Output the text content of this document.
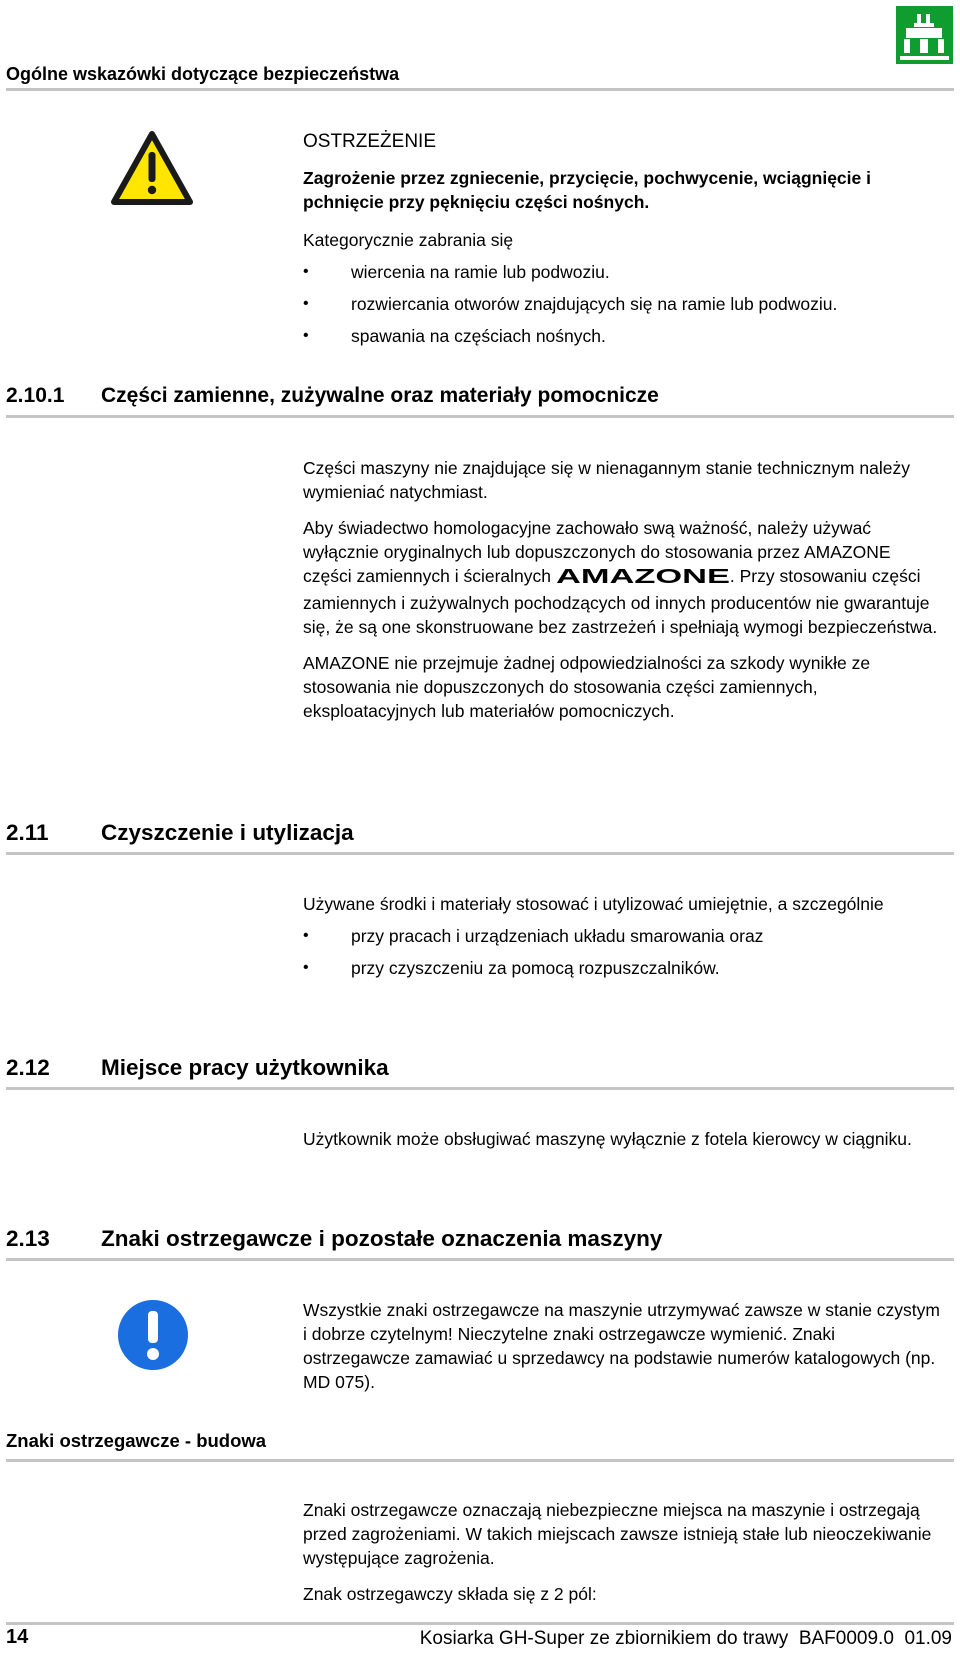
Ogólne wskazówki dotyczące bezpieczeństwa

OSTRZEŻENIE

Zagrożenie przez zgniecenie, przycięcie, pochwycenie, wciągnięcie i pchnięcie przy pęknięciu części nośnych.

Kategorycznie zabrania się

• wiercenia na ramie lub podwoziu.
• rozwiercania otworów znajdujących się na ramie lub podwoziu.
• spawania na częściach nośnych.
2.10.1 Części zamienne, zużywalne oraz materiały pomocnicze

Części maszyny nie znajdujące się w nienagannym stanie technicznym należy wymieniać natychmiast.

Aby świadectwo homologacyjne zachowało swą ważność, należy używać wyłącznie oryginalnych lub dopuszczonych do stosowania przez AMAZONE części zamiennych i ścieralnych AMAZONE . Przy stosowaniu części zamiennych i zużywalnych pochodzących od innych producentów nie gwarantuje się, że są one skonstruowane bez zastrzeżeń i spełniają wymogi bezpieczeństwa.

AMAZONE nie przejmuje żadnej odpowiedzialności za szkody wynikłe ze stosowania nie dopuszczonych do stosowania części zamiennych, eksploatacyjnych lub materiałów pomocniczych.

2.11 Czyszczenie i utylizacja

Używane środki i materiały stosować i utylizować umiejętnie, a szczególnie

• przy pracach i urządzeniach układu smarowania oraz
• przy czyszczeniu za pomocą rozpuszczalników.
2.12 Miejsce pracy użytkownika

Użytkownik może obsługiwać maszynę wyłącznie z fotela kierowcy w ciągniku.

2.13 Znaki ostrzegawcze i pozostałe oznaczenia maszyny

Wszystkie znaki ostrzegawcze na maszynie utrzymywać zawsze w stanie czystym i dobrze czytelnym! Nieczytelne znaki ostrzegawcze wymienić. Znaki ostrzegawcze zamawiać u sprzedawcy na podstawie numerów katalogowych (np. MD 075).

Znaki ostrzegawcze - budowa

Znaki ostrzegawcze oznaczają niebezpieczne miejsca na maszynie i ostrzegają przed zagrożeniami. W takich miejscach zawsze istnieją stałe lub nieoczekiwanie występujące zagrożenia.

Znak ostrzegawczy składa się z 2 pól:

14	Kosiarka GH-Super ze zbiornikiem do trawy  BAF0009.0  01.09
